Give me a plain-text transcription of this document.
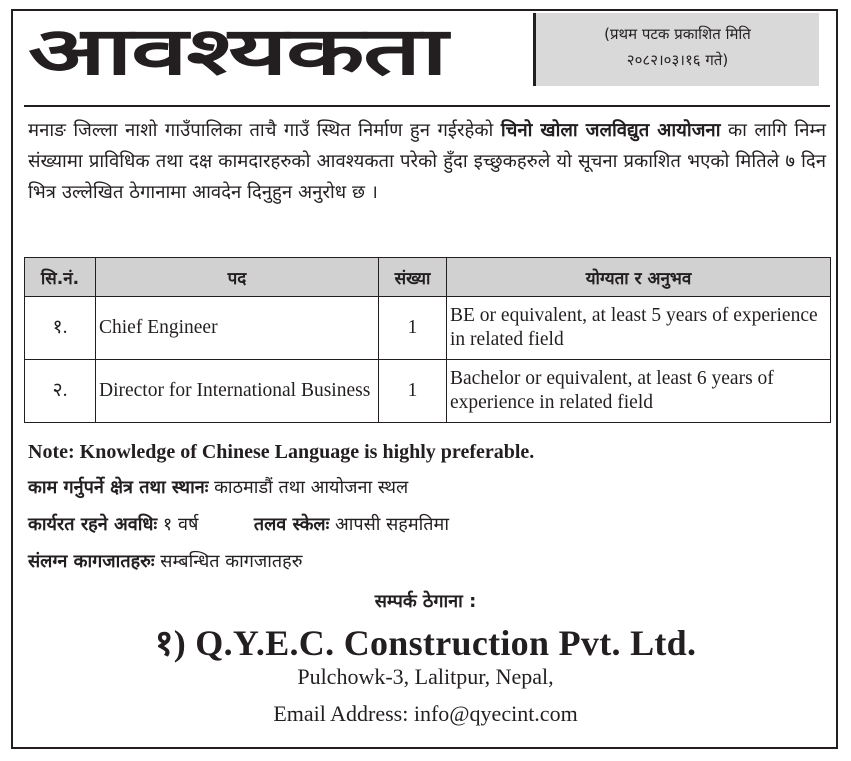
आवश्यकता	(प्रथम पटक प्रकाशित मिति
२०८२।०३।१६ गते)
मनाङ जिल्ला नाशो गाउँपालिका ताचै गाउँ स्थित निर्माण हुन गईरहेको चिनो खोला जलविद्युत आयोजना का लागि निम्न संख्यामा प्राविधिक तथा दक्ष कामदारहरुको आवश्यकता परेको हुँदा इच्छुकहरुले यो सूचना प्रकाशित भएको मितिले ७ दिन भित्र उल्लेखित ठेगानामा आवदेन दिनुहुन अनुरोध छ ।
सि.नं.	पद	संख्या	योग्यता र अनुभव
१.	Chief Engineer	1	BE or equivalent, at least 5 years of experience in related field
२.	Director for International Business	1	Bachelor or equivalent, at least 6 years of experience in related field
Note: Knowledge of Chinese Language is highly preferable.
काम गर्नुपर्ने क्षेत्र तथा स्थानः काठमाडौं तथा आयोजना स्थल
कार्यरत रहने अवधिः १ वर्ष	तलव स्केलः आपसी सहमतिमा
संलग्न कागजातहरुः सम्बन्धित कागजातहरु
सम्पर्क ठेगाना :
१) Q.Y.E.C. Construction Pvt. Ltd.
Pulchowk-3, Lalitpur, Nepal,
Email Address: info@qyecint.com
